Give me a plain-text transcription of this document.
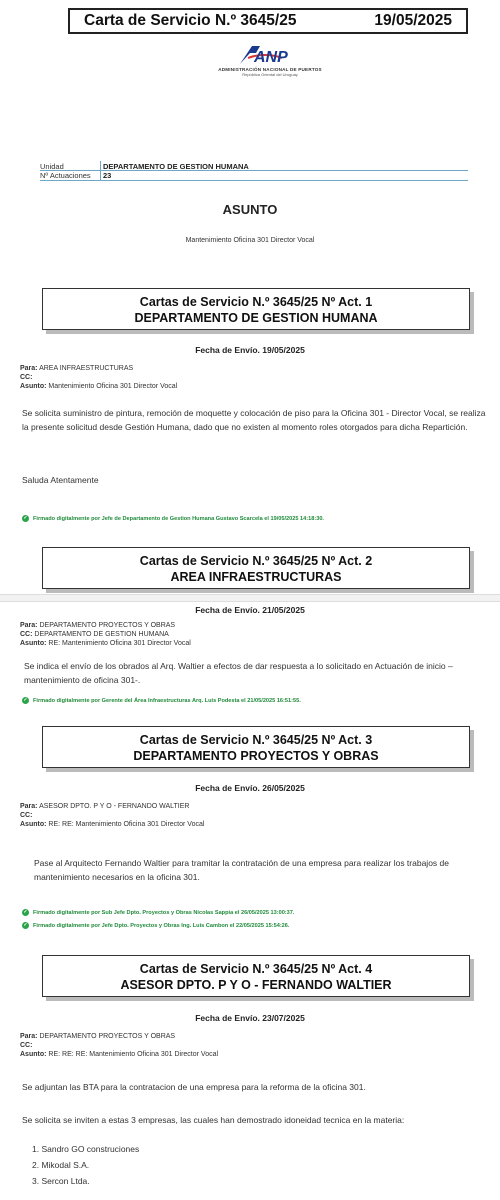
Carta de Servicio N.º 3645/25	19/05/2025
ANP
ADMINISTRACIÓN NACIONAL DE PUERTOS
República Oriental del Uruguay
Unidad	DEPARTAMENTO DE GESTION HUMANA
Nº Actuaciones 23
ASUNTO
Mantenimiento Oficina 301 Director Vocal
Cartas de Servicio N.º 3645/25 Nº Act. 1
DEPARTAMENTO DE GESTION HUMANA
Fecha de Envío. 19/05/2025
Para: AREA INFRAESTRUCTURAS
CC:
Asunto: Mantenimiento Oficina 301 Director Vocal
Se solicita suministro de pintura, remoción de moquette y colocación de piso para la Oficina 301 - Director Vocal, se realiza la presente solicitud desde Gestión Humana, dado que no existen al momento roles otorgados para dicha Repartición.
Saluda Atentamente
✓ Firmado digitalmente por Jefe de Departamento de Gestion Humana Gustavo Scarcela el 19/05/2025 14:18:30.
Cartas de Servicio N.º 3645/25 Nº Act. 2
AREA INFRAESTRUCTURAS
Fecha de Envío. 21/05/2025
Para: DEPARTAMENTO PROYECTOS Y OBRAS
CC: DEPARTAMENTO DE GESTION HUMANA
Asunto: RE: Mantenimiento Oficina 301 Director Vocal
Se indica el envío de los obrados al Arq. Waltier a efectos de dar respuesta a lo solicitado en Actuación de inicio –mantenimiento de oficina 301-.
✓ Firmado digitalmente por Gerente del Área Infraestructuras Arq. Luis Podesta el 21/05/2025 16:51:55.
Cartas de Servicio N.º 3645/25 Nº Act. 3
DEPARTAMENTO PROYECTOS Y OBRAS
Fecha de Envío. 26/05/2025
Para: ASESOR DPTO. P Y O - FERNANDO WALTIER
CC:
Asunto: RE: RE: Mantenimiento Oficina 301 Director Vocal
Pase al Arquitecto Fernando Waltier para tramitar la contratación de una empresa para realizar los trabajos de mantenimiento necesarios en la oficina 301.
✓ Firmado digitalmente por Sub Jefe Dpto. Proyectos y Obras Nicolas Sappia el 26/05/2025 13:00:37.
✓ Firmado digitalmente por Jefe Dpto. Proyectos y Obras Ing. Luis Cambon el 22/05/2025 15:54:26.
Cartas de Servicio N.º 3645/25 Nº Act. 4
ASESOR DPTO. P Y O - FERNANDO WALTIER
Fecha de Envío. 23/07/2025
Para: DEPARTAMENTO PROYECTOS Y OBRAS
CC:
Asunto: RE: RE: RE: Mantenimiento Oficina 301 Director Vocal
Se adjuntan las BTA para la contratacion de una empresa para la reforma de la oficina 301.
Se solicita se inviten a estas 3 empresas, las cuales han demostrado idoneidad tecnica en la materia:
1. Sandro GO construciones
2. Mikodal S.A.
3. Sercon Ltda.
